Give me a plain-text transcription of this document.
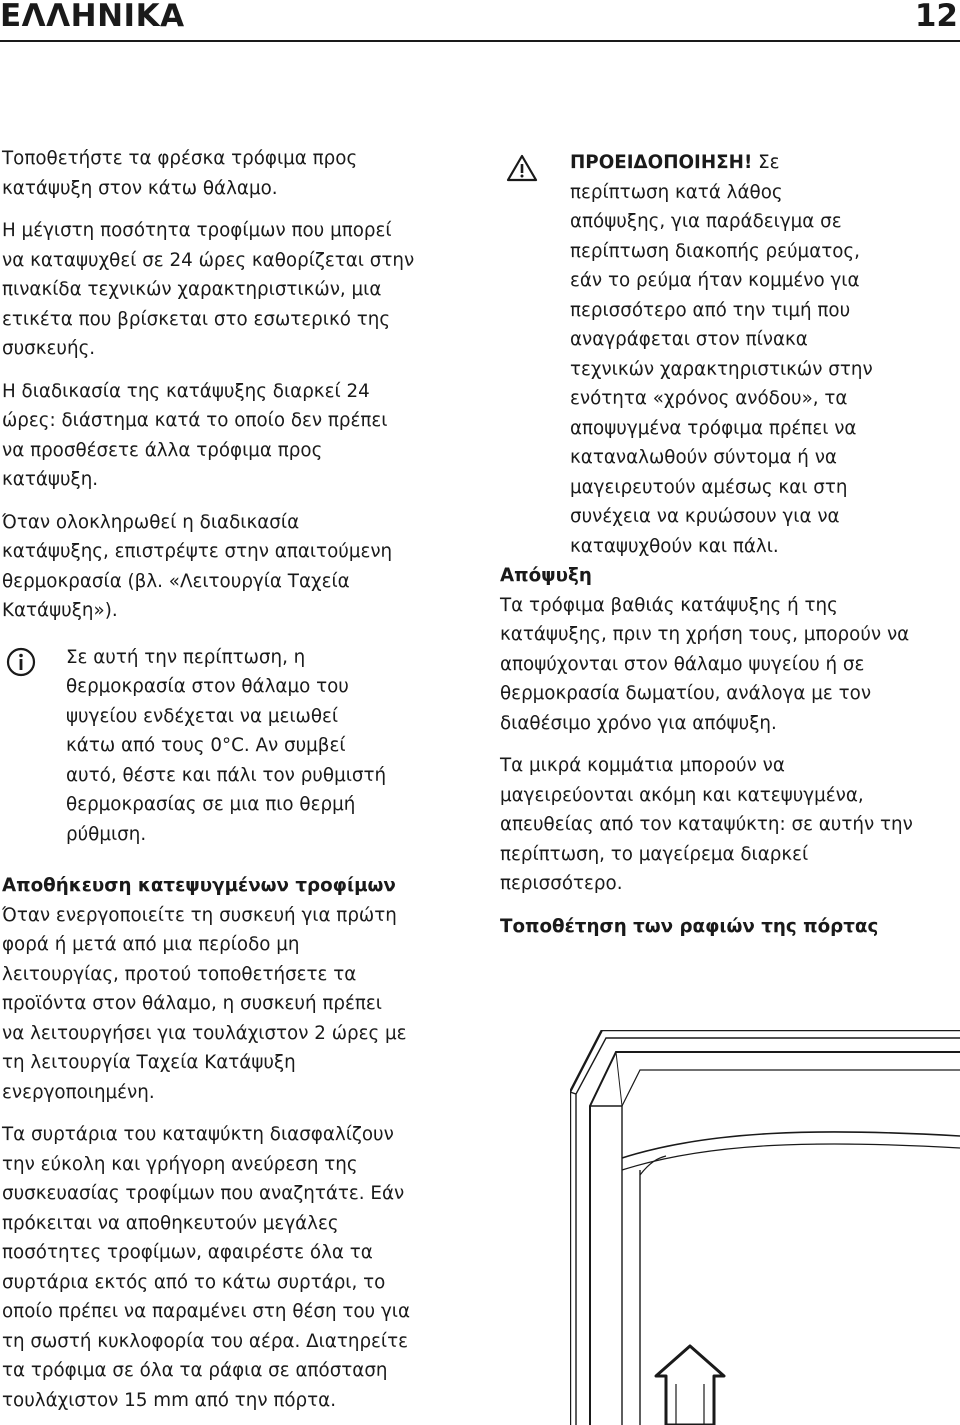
ΕΛΛΗΝΙΚΑ	12

Τοποθετήστε τα φρέσκα τρόφιμα προς
κατάψυξη στον κάτω θάλαμο.

Η μέγιστη ποσότητα τροφίμων που μπορεί
να καταψυχθεί σε 24 ώρες καθορίζεται στην
πινακίδα τεχνικών χαρακτηριστικών, μια
ετικέτα που βρίσκεται στο εσωτερικό της
συσκευής.

Η διαδικασία της κατάψυξης διαρκεί 24
ώρες: διάστημα κατά το οποίο δεν πρέπει
να προσθέσετε άλλα τρόφιμα προς
κατάψυξη.

Όταν ολοκληρωθεί η διαδικασία
κατάψυξης, επιστρέψτε στην απαιτούμενη
θερμοκρασία (βλ. «Λειτουργία Ταχεία
Κατάψυξη»).

Σε αυτή την περίπτωση, η
θερμοκρασία στον θάλαμο του
ψυγείου ενδέχεται να μειωθεί
κάτω από τους 0°C. Αν συμβεί
αυτό, θέστε και πάλι τον ρυθμιστή
θερμοκρασίας σε μια πιο θερμή
ρύθμιση.

Αποθήκευση κατεψυγμένων τροφίμων

Όταν ενεργοποιείτε τη συσκευή για πρώτη
φορά ή μετά από μια περίοδο μη
λειτουργίας, προτού τοποθετήσετε τα
προϊόντα στον θάλαμο, η συσκευή πρέπει
να λειτουργήσει για τουλάχιστον 2 ώρες με
τη λειτουργία Ταχεία Κατάψυξη
ενεργοποιημένη.

Τα συρτάρια του καταψύκτη διασφαλίζουν
την εύκολη και γρήγορη ανεύρεση της
συσκευασίας τροφίμων που αναζητάτε. Εάν
πρόκειται να αποθηκευτούν μεγάλες
ποσότητες τροφίμων, αφαιρέστε όλα τα
συρτάρια εκτός από το κάτω συρτάρι, το
οποίο πρέπει να παραμένει στη θέση του για
τη σωστή κυκλοφορία του αέρα. Διατηρείτε
τα τρόφιμα σε όλα τα ράφια σε απόσταση
τουλάχιστον 15 mm από την πόρτα.

ΠΡΟΕΙΔΟΠΟΙΗΣΗ! Σε
περίπτωση κατά λάθος
απόψυξης, για παράδειγμα σε
περίπτωση διακοπής ρεύματος,
εάν το ρεύμα ήταν κομμένο για
περισσότερο από την τιμή που
αναγράφεται στον πίνακα
τεχνικών χαρακτηριστικών στην
ενότητα «χρόνος ανόδου», τα
αποψυγμένα τρόφιμα πρέπει να
καταναλωθούν σύντομα ή να
μαγειρευτούν αμέσως και στη
συνέχεια να κρυώσουν για να
καταψυχθούν και πάλι.

Απόψυξη

Τα τρόφιμα βαθιάς κατάψυξης ή της
κατάψυξης, πριν τη χρήση τους, μπορούν να
αποψύχονται στον θάλαμο ψυγείου ή σε
θερμοκρασία δωματίου, ανάλογα με τον
διαθέσιμο χρόνο για απόψυξη.

Τα μικρά κομμάτια μπορούν να
μαγειρεύονται ακόμη και κατεψυγμένα,
απευθείας από τον καταψύκτη: σε αυτήν την
περίπτωση, το μαγείρεμα διαρκεί
περισσότερο.

Τοποθέτηση των ραφιών της πόρτας
